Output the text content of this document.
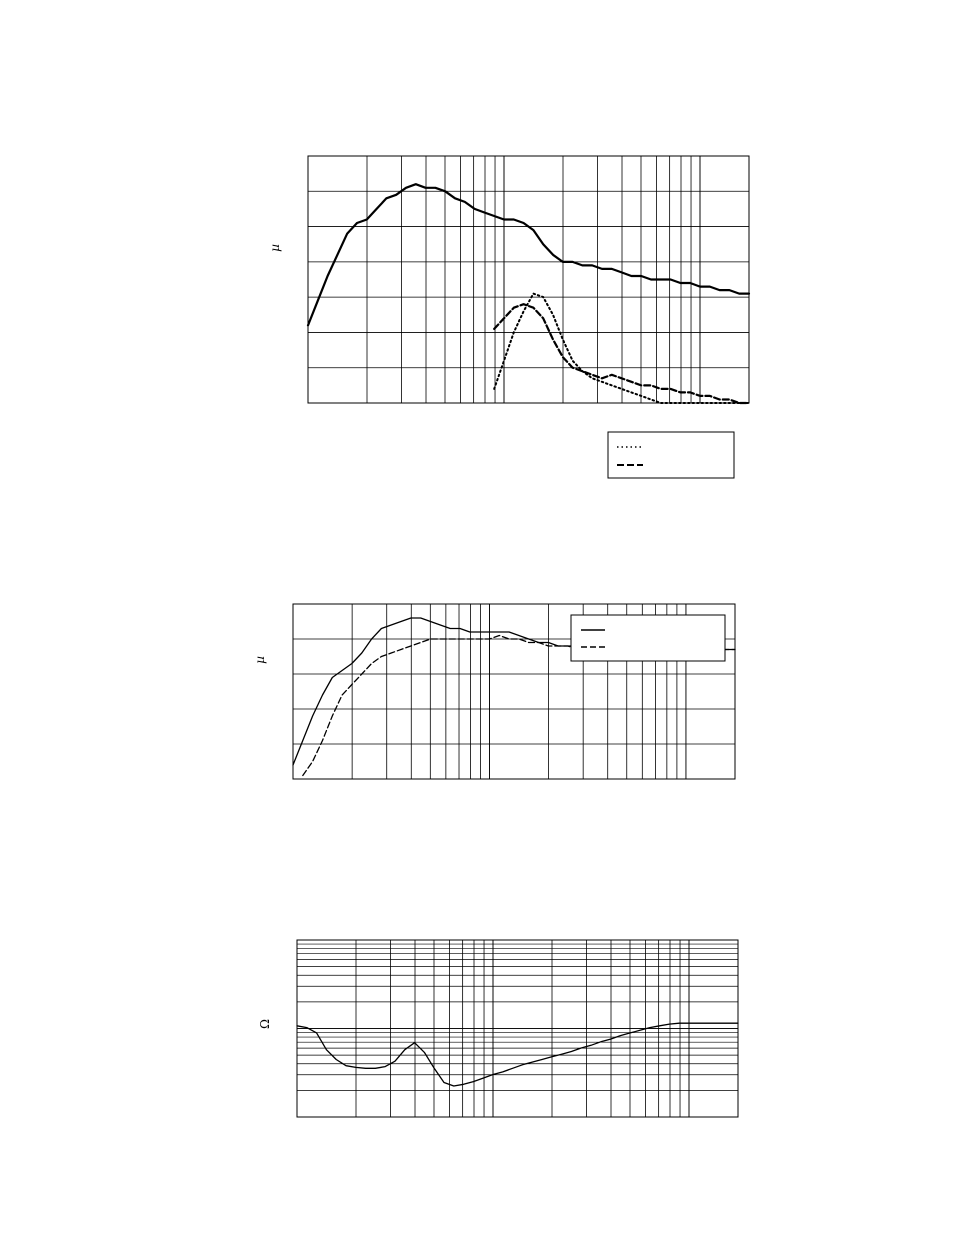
µ
µ
Ω
